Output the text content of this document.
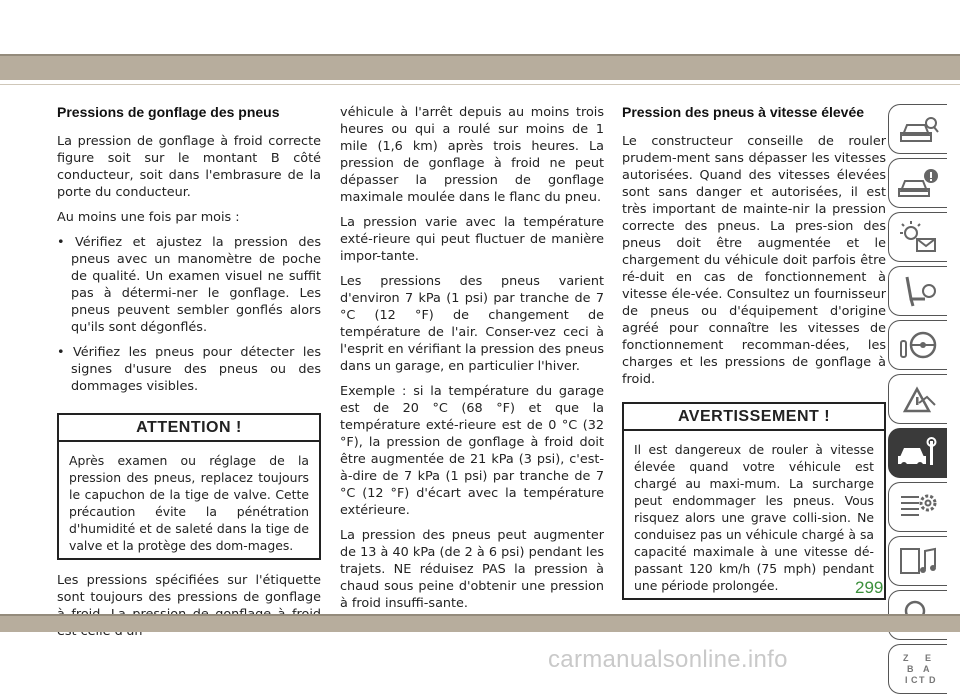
Pressions de gonflage des pneus

La pression de gonflage à froid correcte figure soit sur le montant B côté conducteur, soit dans l'embrasure de la porte du conducteur.

Au moins une fois par mois :

• Vérifiez et ajustez la pression des pneus avec un manomètre de poche de qualité. Un examen visuel ne suffit pas à détermi-ner le gonflage. Les pneus peuvent sembler gonflés alors qu'ils sont dégonflés.

• Vérifiez les pneus pour détecter les signes d'usure des pneus ou des dommages visibles.

ATTENTION !
Après examen ou réglage de la pression des pneus, replacez toujours le capuchon de la tige de valve. Cette précaution évite la pénétration d'humidité et de saleté dans la tige de valve et la protège des dom-mages.

Les pressions spécifiées sur l'étiquette sont toujours des pressions de gonflage

véhicule à l'arrêt depuis au moins trois heures ou qui a roulé sur moins de 1 mile (1,6 km) après trois heures. La pression de gonflage à froid ne peut dépasser la pression de gonflage maximale moulée dans le flanc du pneu.

La pression varie avec la température exté-rieure qui peut fluctuer de manière impor-tante.

Les pressions des pneus varient d'environ 7 kPa (1 psi) par tranche de 7 °C (12 °F) de changement de température de l'air. Conser-vez ceci à l'esprit en vérifiant la pression des pneus dans un garage, en particulier l'hiver.

Exemple : si la température du garage est de 20 °C (68 °F) et que la température exté-rieure est de 0 °C (32 °F), la pression de gonflage à froid doit être augmentée de 21 kPa (3 psi), c'est-à-dire de 7 kPa (1 psi) par tranche de 7 °C (12 °F) d'écart avec la température extérieure.

La pression des pneus peut augmenter de 13 à 40 kPa (de 2 à 6 psi) pendant les trajets. NE réduisez PAS la pression à chaud sous peine d'obtenir une pression à froid insuffi-sante.

Pression des pneus à vitesse élevée

Le constructeur conseille de rouler prudem-ment sans dépasser les vitesses autorisées. Quand des vitesses élevées sont sans danger et autorisées, il est très important de mainte-nir la pression correcte des pneus. La pres-sion des pneus doit être augmentée et le chargement du véhicule doit parfois être ré-duit en cas de fonctionnement à vitesse éle-vée. Consultez un fournisseur de pneus ou d'équipement d'origine agréé pour connaître les vitesses de fonctionnement recomman-dées, les charges et les pressions de gonflage à froid.

AVERTISSEMENT !
Il est dangereux de rouler à vitesse élevée quand votre véhicule est chargé au maxi-mum. La surcharge peut endommager les pneus. Vous risquez alors une grave colli-sion. Ne conduisez pas un véhicule chargé à sa capacité maximale à une vitesse dé-passant 120 km/h (75 mph) pendant une période prolongée.
Z E
B A
I C T D
299
carmanualsonline.info
